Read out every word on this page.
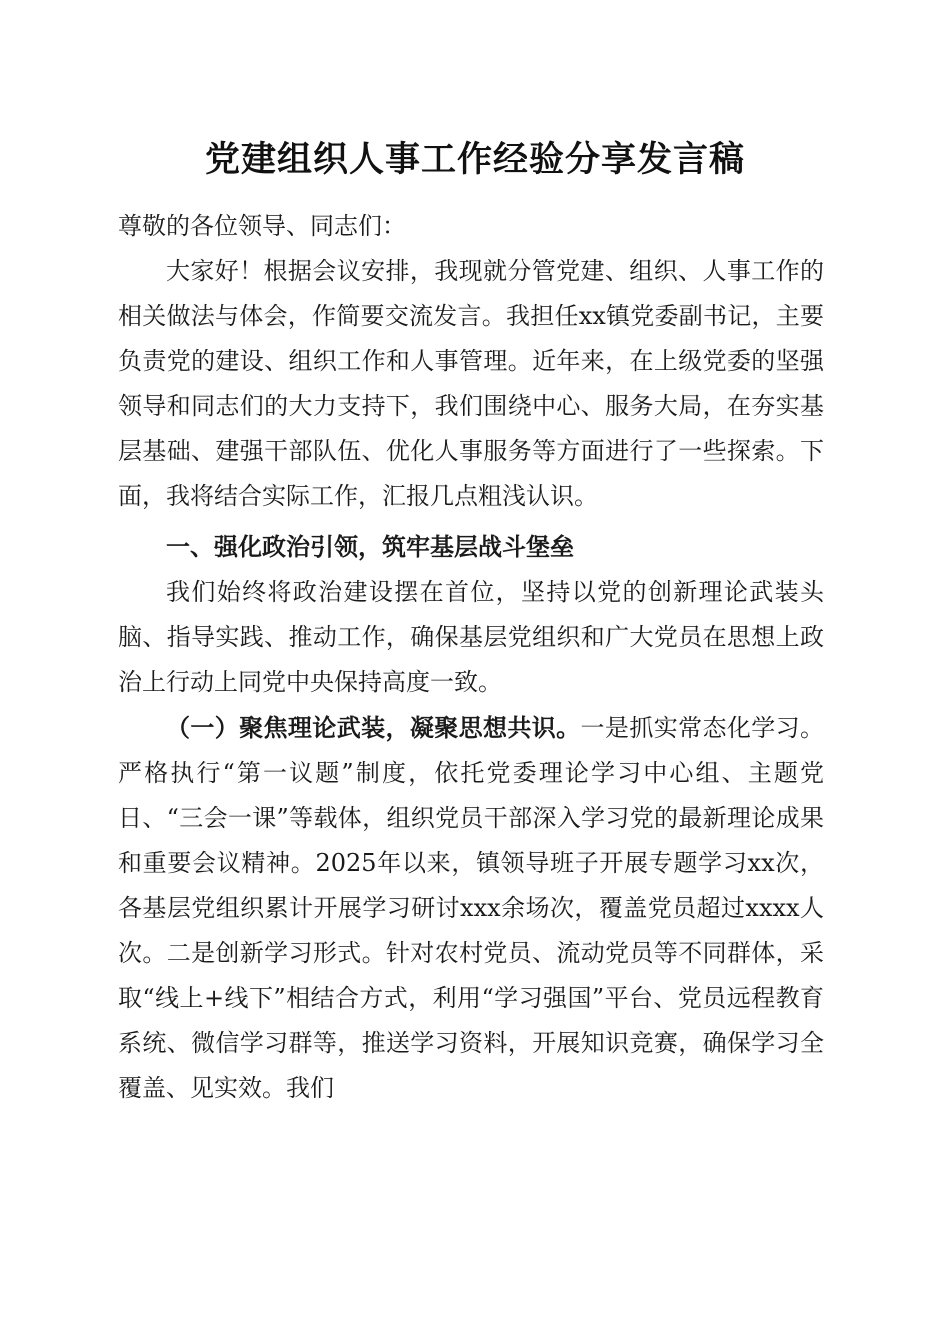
党建组织人事工作经验分享发言稿

尊敬的各位领导、同志们：

大家好！根据会议安排，我现就分管党建、组织、人事工作的相关做法与体会，作简要交流发言。我担任xx镇党委副书记，主要负责党的建设、组织工作和人事管理。近年来，在上级党委的坚强领导和同志们的大力支持下，我们围绕中心、服务大局，在夯实基层基础、建强干部队伍、优化人事服务等方面进行了一些探索。下面，我将结合实际工作，汇报几点粗浅认识。

一、强化政治引领，筑牢基层战斗堡垒

我们始终将政治建设摆在首位，坚持以党的创新理论武装头脑、指导实践、推动工作，确保基层党组织和广大党员在思想上政治上行动上同党中央保持高度一致。

（一）聚焦理论武装，凝聚思想共识。一是抓实常态化学习。严格执行“第一议题”制度，依托党委理论学习中心组、主题党日、“三会一课”等载体，组织党员干部深入学习党的最新理论成果和重要会议精神。2025年以来，镇领导班子开展专题学习xx次，各基层党组织累计开展学习研讨xxx余场次，覆盖党员超过xxxx人次。二是创新学习形式。针对农村党员、流动党员等不同群体，采取“线上+线下”相结合方式，利用“学习强国”平台、党员远程教育系统、微信学习群等，推送学习资料，开展知识竞赛，确保学习全覆盖、见实效。我们
